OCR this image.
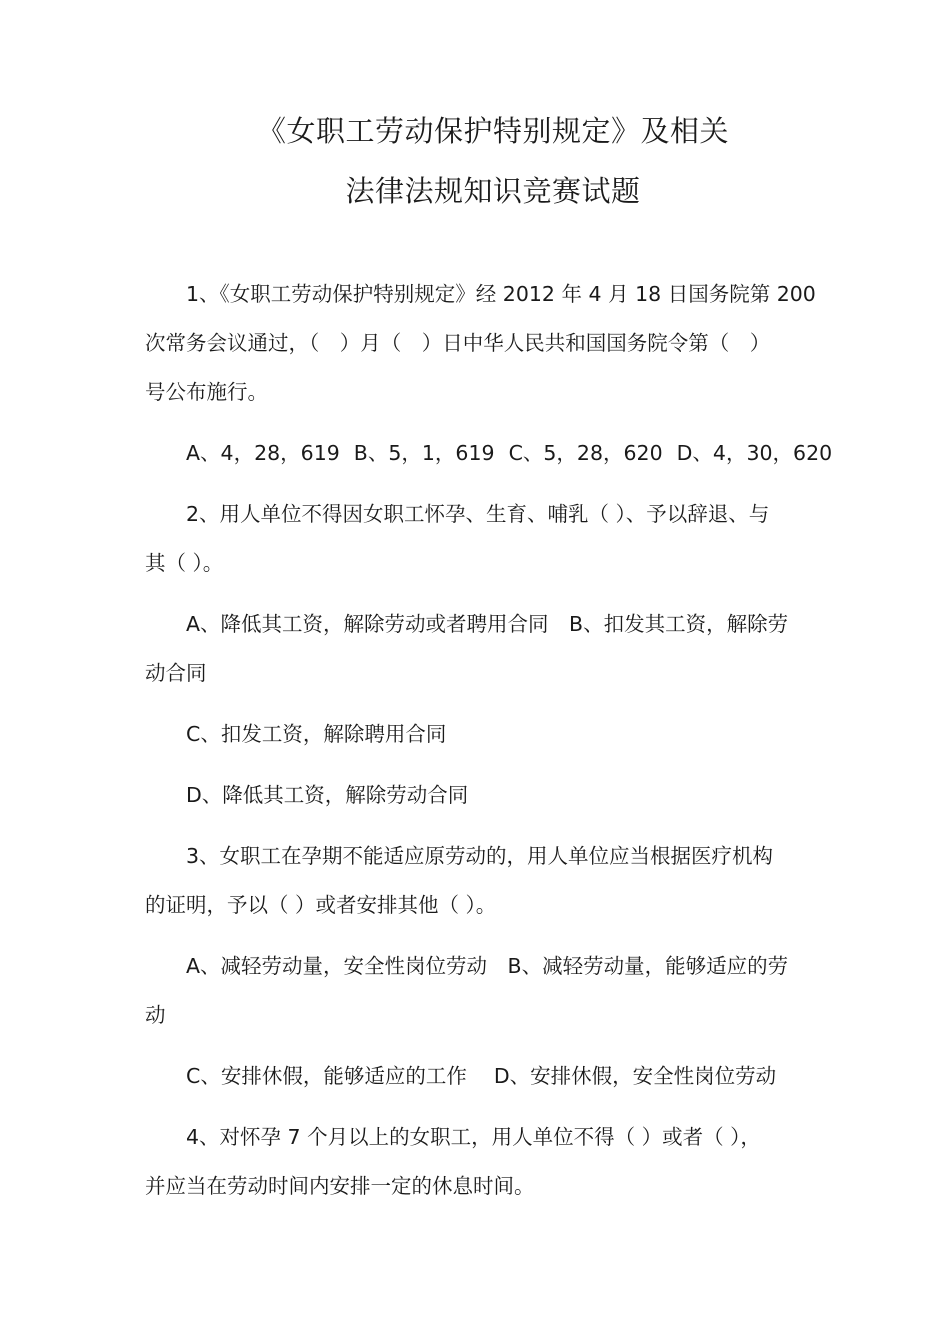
《女职工劳动保护特别规定》及相关
法律法规知识竞赛试题
1、《女职工劳动保护特别规定》经 2012 年 4 月 18 日国务院第 200
次常务会议通过，（　）月（　）日中华人民共和国国务院令第（　）
号公布施行。
A、4，28，619 B、5，1，619 C、5，28，620 D、4，30，620
2、用人单位不得因女职工怀孕、生育、哺乳（ ）、予以辞退、与
其（ ）。
A、降低其工资，解除劳动或者聘用合同　B、扣发其工资，解除劳
动合同
C、扣发工资，解除聘用合同
D、降低其工资，解除劳动合同
3、女职工在孕期不能适应原劳动的，用人单位应当根据医疗机构
的证明，予以（ ）或者安排其他（ ）。
A、减轻劳动量，安全性岗位劳动　B、减轻劳动量，能够适应的劳
动
C、安排休假，能够适应的工作　 D、安排休假，安全性岗位劳动
4、对怀孕 7 个月以上的女职工，用人单位不得（ ）或者（ ），
并应当在劳动时间内安排一定的休息时间。
